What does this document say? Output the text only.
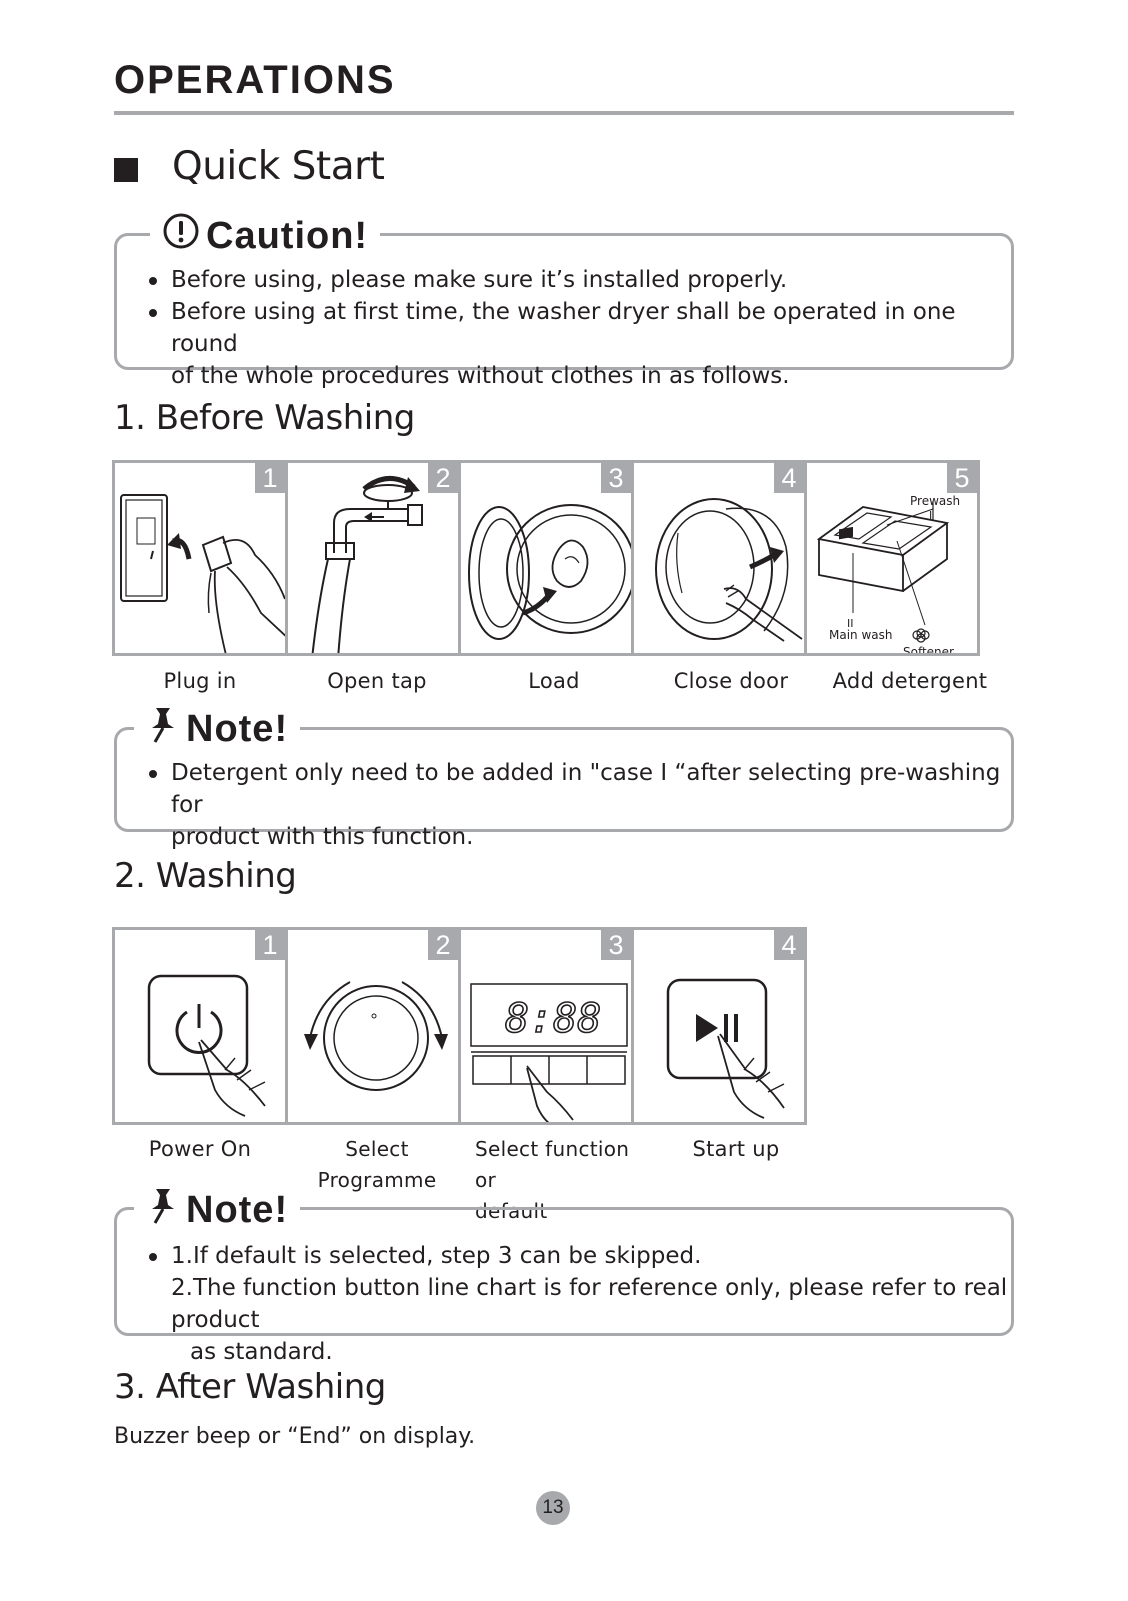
OPERATIONS
Quick Start
Before using, please make sure it’s installed properly.
Before using at first time, the washer dryer shall be operated in one round
of the whole procedures without clothes in as follows.
Caution!
1. Before Washing
1	2	3	4
Prewash
I
II
Main wash
Softener
5
Plug in	Open tap	Load	Close door	Add detergent
Detergent only need to be added in "case I “after selecting pre-washing for
product with this function.
Note!
2. Washing
1	2
8:88
3	4
Power On	Select Programme
Select function or
default
Start up
1.If default is selected, step 3 can be skipped.
2.The function button line chart is for reference only, please refer to real product
as standard.
Note!
3. After Washing
Buzzer beep or “End” on display.
13
